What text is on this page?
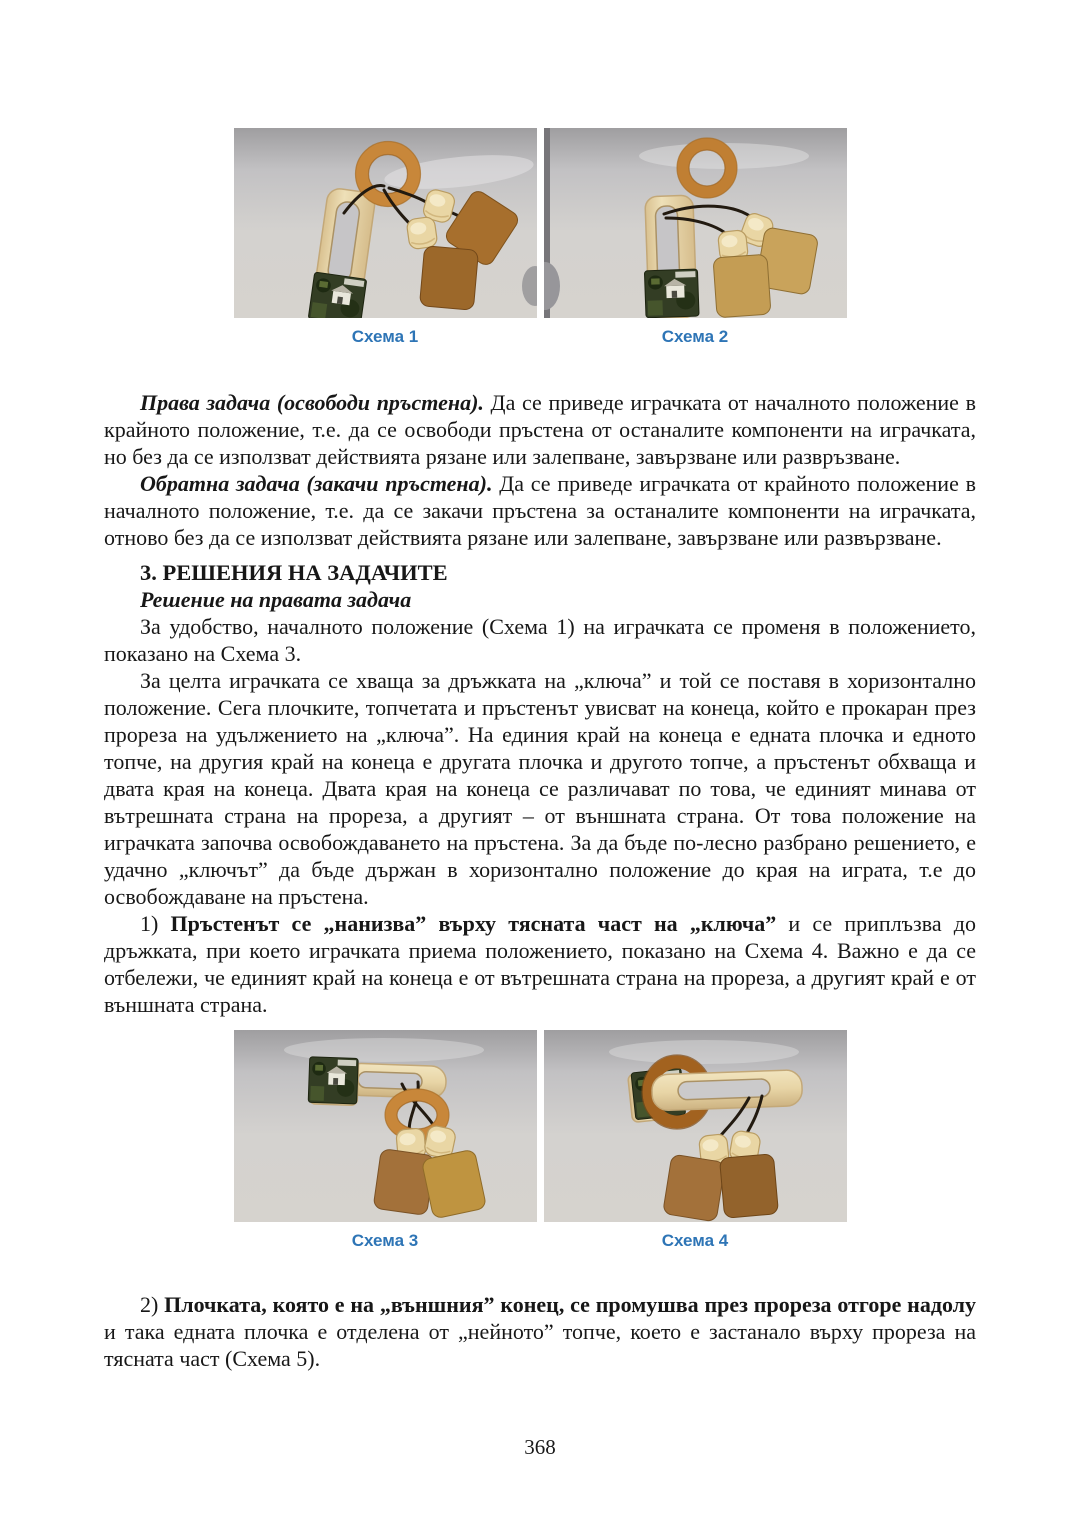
Схема 1	Схема 2

Права задача (освободи пръстена). Да се приведе играчката от началното положение в крайното положение, т.е. да се освободи пръстена от останалите компоненти на играчката, но без да се използват действията рязане или залепване, завързване или развръзване.

Обратна задача (закачи пръстена). Да се приведе играчката от крайното положение в началното положение, т.е. да се закачи пръстена за останалите компоненти на играчката, отново без да се използват действията рязане или залепване, завързване или развързване.

3. РЕШЕНИЯ НА ЗАДАЧИТЕ
Решение на правата задача

За удобство, началното положение (Схема 1) на играчката се променя в положението, показано на Схема 3.

За целта играчката се хваща за дръжката на „ключа” и той се поставя в хоризонтално положение. Сега плочките, топчетата и пръстенът увисват на конеца, който е прокаран през прореза на удължението на „ключа”. На единия край на конеца е едната плочка и едното топче, на другия край на конеца е другата плочка и другото топче, а пръстенът обхваща и двата края на конеца. Двата края на конеца се различават по това, че единият минава от вътрешната страна на прореза, а другият – от външната страна. От това положение на играчката започва освобождаването на пръстена. За да бъде по-лесно разбрано решението, е удачно „ключът” да бъде държан в хоризонтално положение до края на играта, т.е до освобождаване на пръстена.

1) Пръстенът се „нанизва” върху тясната част на „ключа” и се приплъзва до дръжката, при което играчката приема положението, показано на Схема 4. Важно е да се отбележи, че единият край на конеца е от вътрешната страна на прореза, а другият край е от външната страна.

Схема 3	Схема 4

2) Плочката, която е на „външния” конец, се промушва през прореза отгоре надолу и така едната плочка е отделена от „нейното” топче, което е застанало върху прореза на тясната част (Схема 5).

368
